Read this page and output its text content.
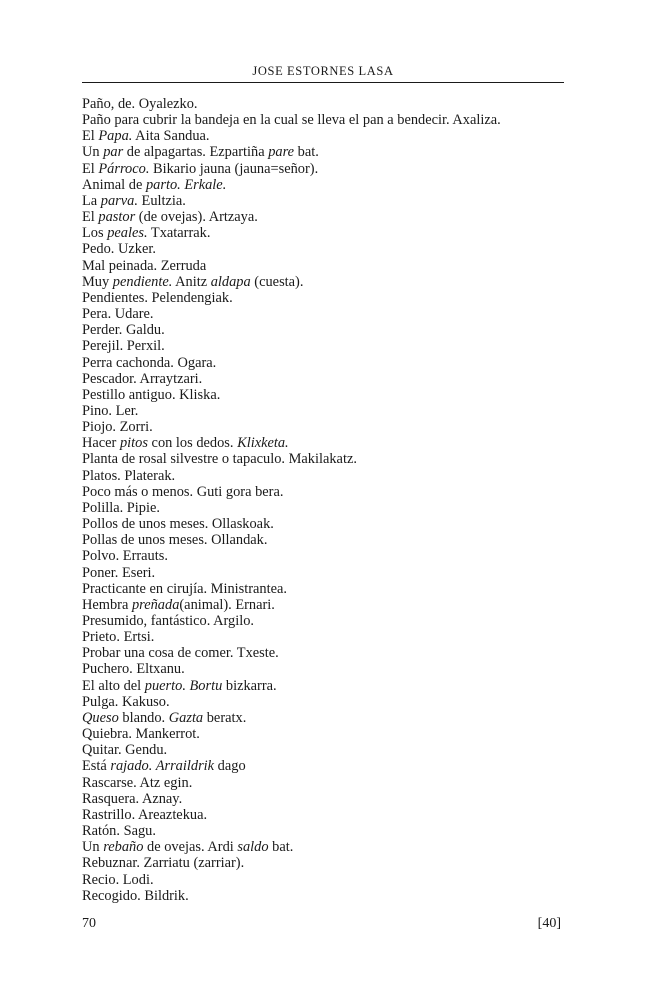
JOSE ESTORNES LASA
Paño, de. Oyalezko.
Paño para cubrir la bandeja en la cual se lleva el pan a bendecir. Axaliza.
El Papa. Aita Sandua.
Un par de alpagartas. Ezpartiña pare bat.
El Párroco. Bikario jauna (jauna=señor).
Animal de parto. Erkale.
La parva. Eultzia.
El pastor (de ovejas). Artzaya.
Los peales. Txatarrak.
Pedo. Uzker.
Mal peinada. Zerruda
Muy pendiente. Anitz aldapa (cuesta).
Pendientes. Pelendengiak.
Pera. Udare.
Perder. Galdu.
Perejil. Perxil.
Perra cachonda. Ogara.
Pescador. Arraytzari.
Pestillo antiguo. Kliska.
Pino. Ler.
Piojo. Zorri.
Hacer pitos con los dedos. Klixketa.
Planta de rosal silvestre o tapaculo. Makilakatz.
Platos. Platerak.
Poco más o menos. Guti gora bera.
Polilla. Pipie.
Pollos de unos meses. Ollaskoak.
Pollas de unos meses. Ollandak.
Polvo. Errauts.
Poner. Eseri.
Practicante en cirujía. Ministrantea.
Hembra preñada(animal). Ernari.
Presumido, fantástico. Argilo.
Prieto. Ertsi.
Probar una cosa de comer. Txeste.
Puchero. Eltxanu.
El alto del puerto. Bortu bizkarra.
Pulga. Kakuso.
Queso blando. Gazta beratx.
Quiebra. Mankerrot.
Quitar. Gendu.
Está rajado. Arraildrik dago
Rascarse. Atz egin.
Rasquera. Aznay.
Rastrillo. Areaztekua.
Ratón. Sagu.
Un rebaño de ovejas. Ardi saldo bat.
Rebuznar. Zarriatu (zarriar).
Recio. Lodi.
Recogido. Bildrik.
70	[40]
